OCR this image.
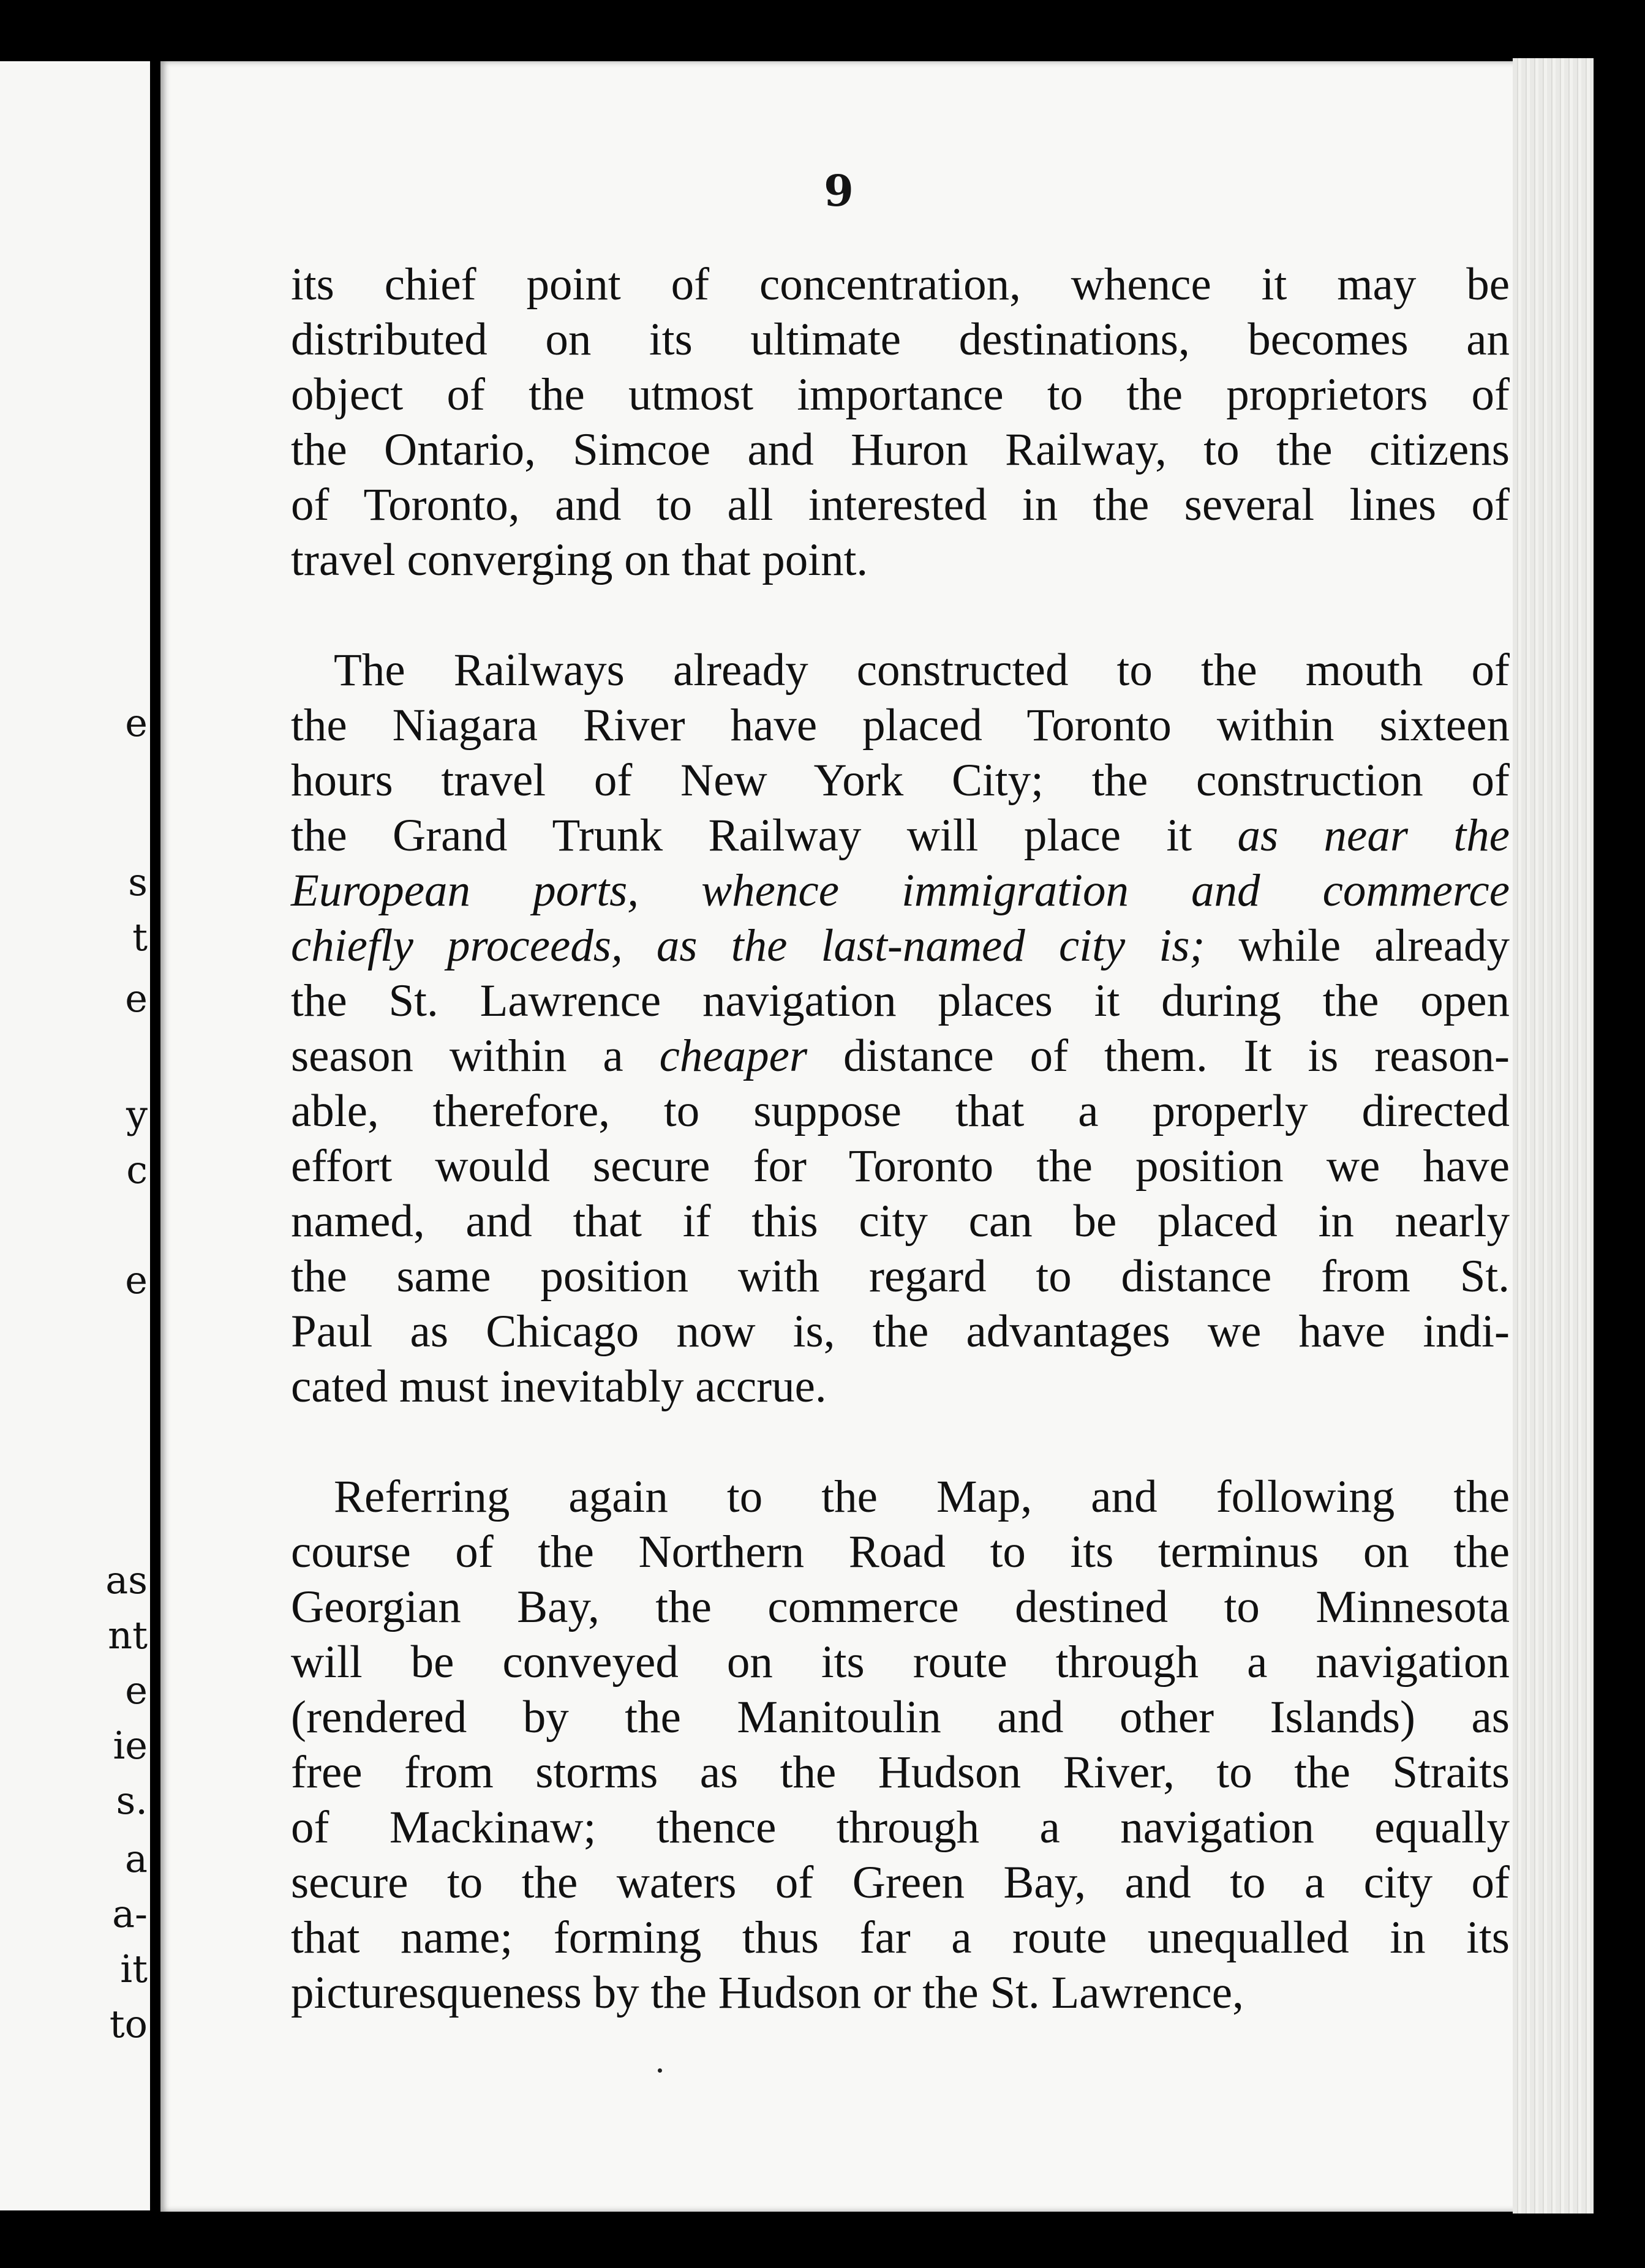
e
s
t
e
y
c
e
as
nt
e
ie
s.
a
a-
it
to
9
its chief point of concentration, whence it may be
distributed on its ultimate destinations, becomes an
object of the utmost importance to the proprietors of
the Ontario, Simcoe and Huron Railway, to the citizens
of Toronto, and to all interested in the several lines of
travel converging on that point.
The Railways already constructed to the mouth of
the Niagara River have placed Toronto within sixteen
hours travel of New York City; the construction of
the Grand Trunk Railway will place it as near the
European ports, whence immigration and commerce
chiefly proceeds, as the last-named city is; while already
the St. Lawrence navigation places it during the open
season within a cheaper distance of them. It is reason-
able, therefore, to suppose that a properly directed
effort would secure for Toronto the position we have
named, and that if this city can be placed in nearly
the same position with regard to distance from St.
Paul as Chicago now is, the advantages we have indi-
cated must inevitably accrue.
Referring again to the Map, and following the
course of the Northern Road to its terminus on the
Georgian Bay, the commerce destined to Minnesota
will be conveyed on its route through a navigation
(rendered by the Manitoulin and other Islands) as
free from storms as the Hudson River, to the Straits
of Mackinaw; thence through a navigation equally
secure to the waters of Green Bay, and to a city of
that name; forming thus far a route unequalled in its
picturesqueness by the Hudson or the St. Lawrence,
